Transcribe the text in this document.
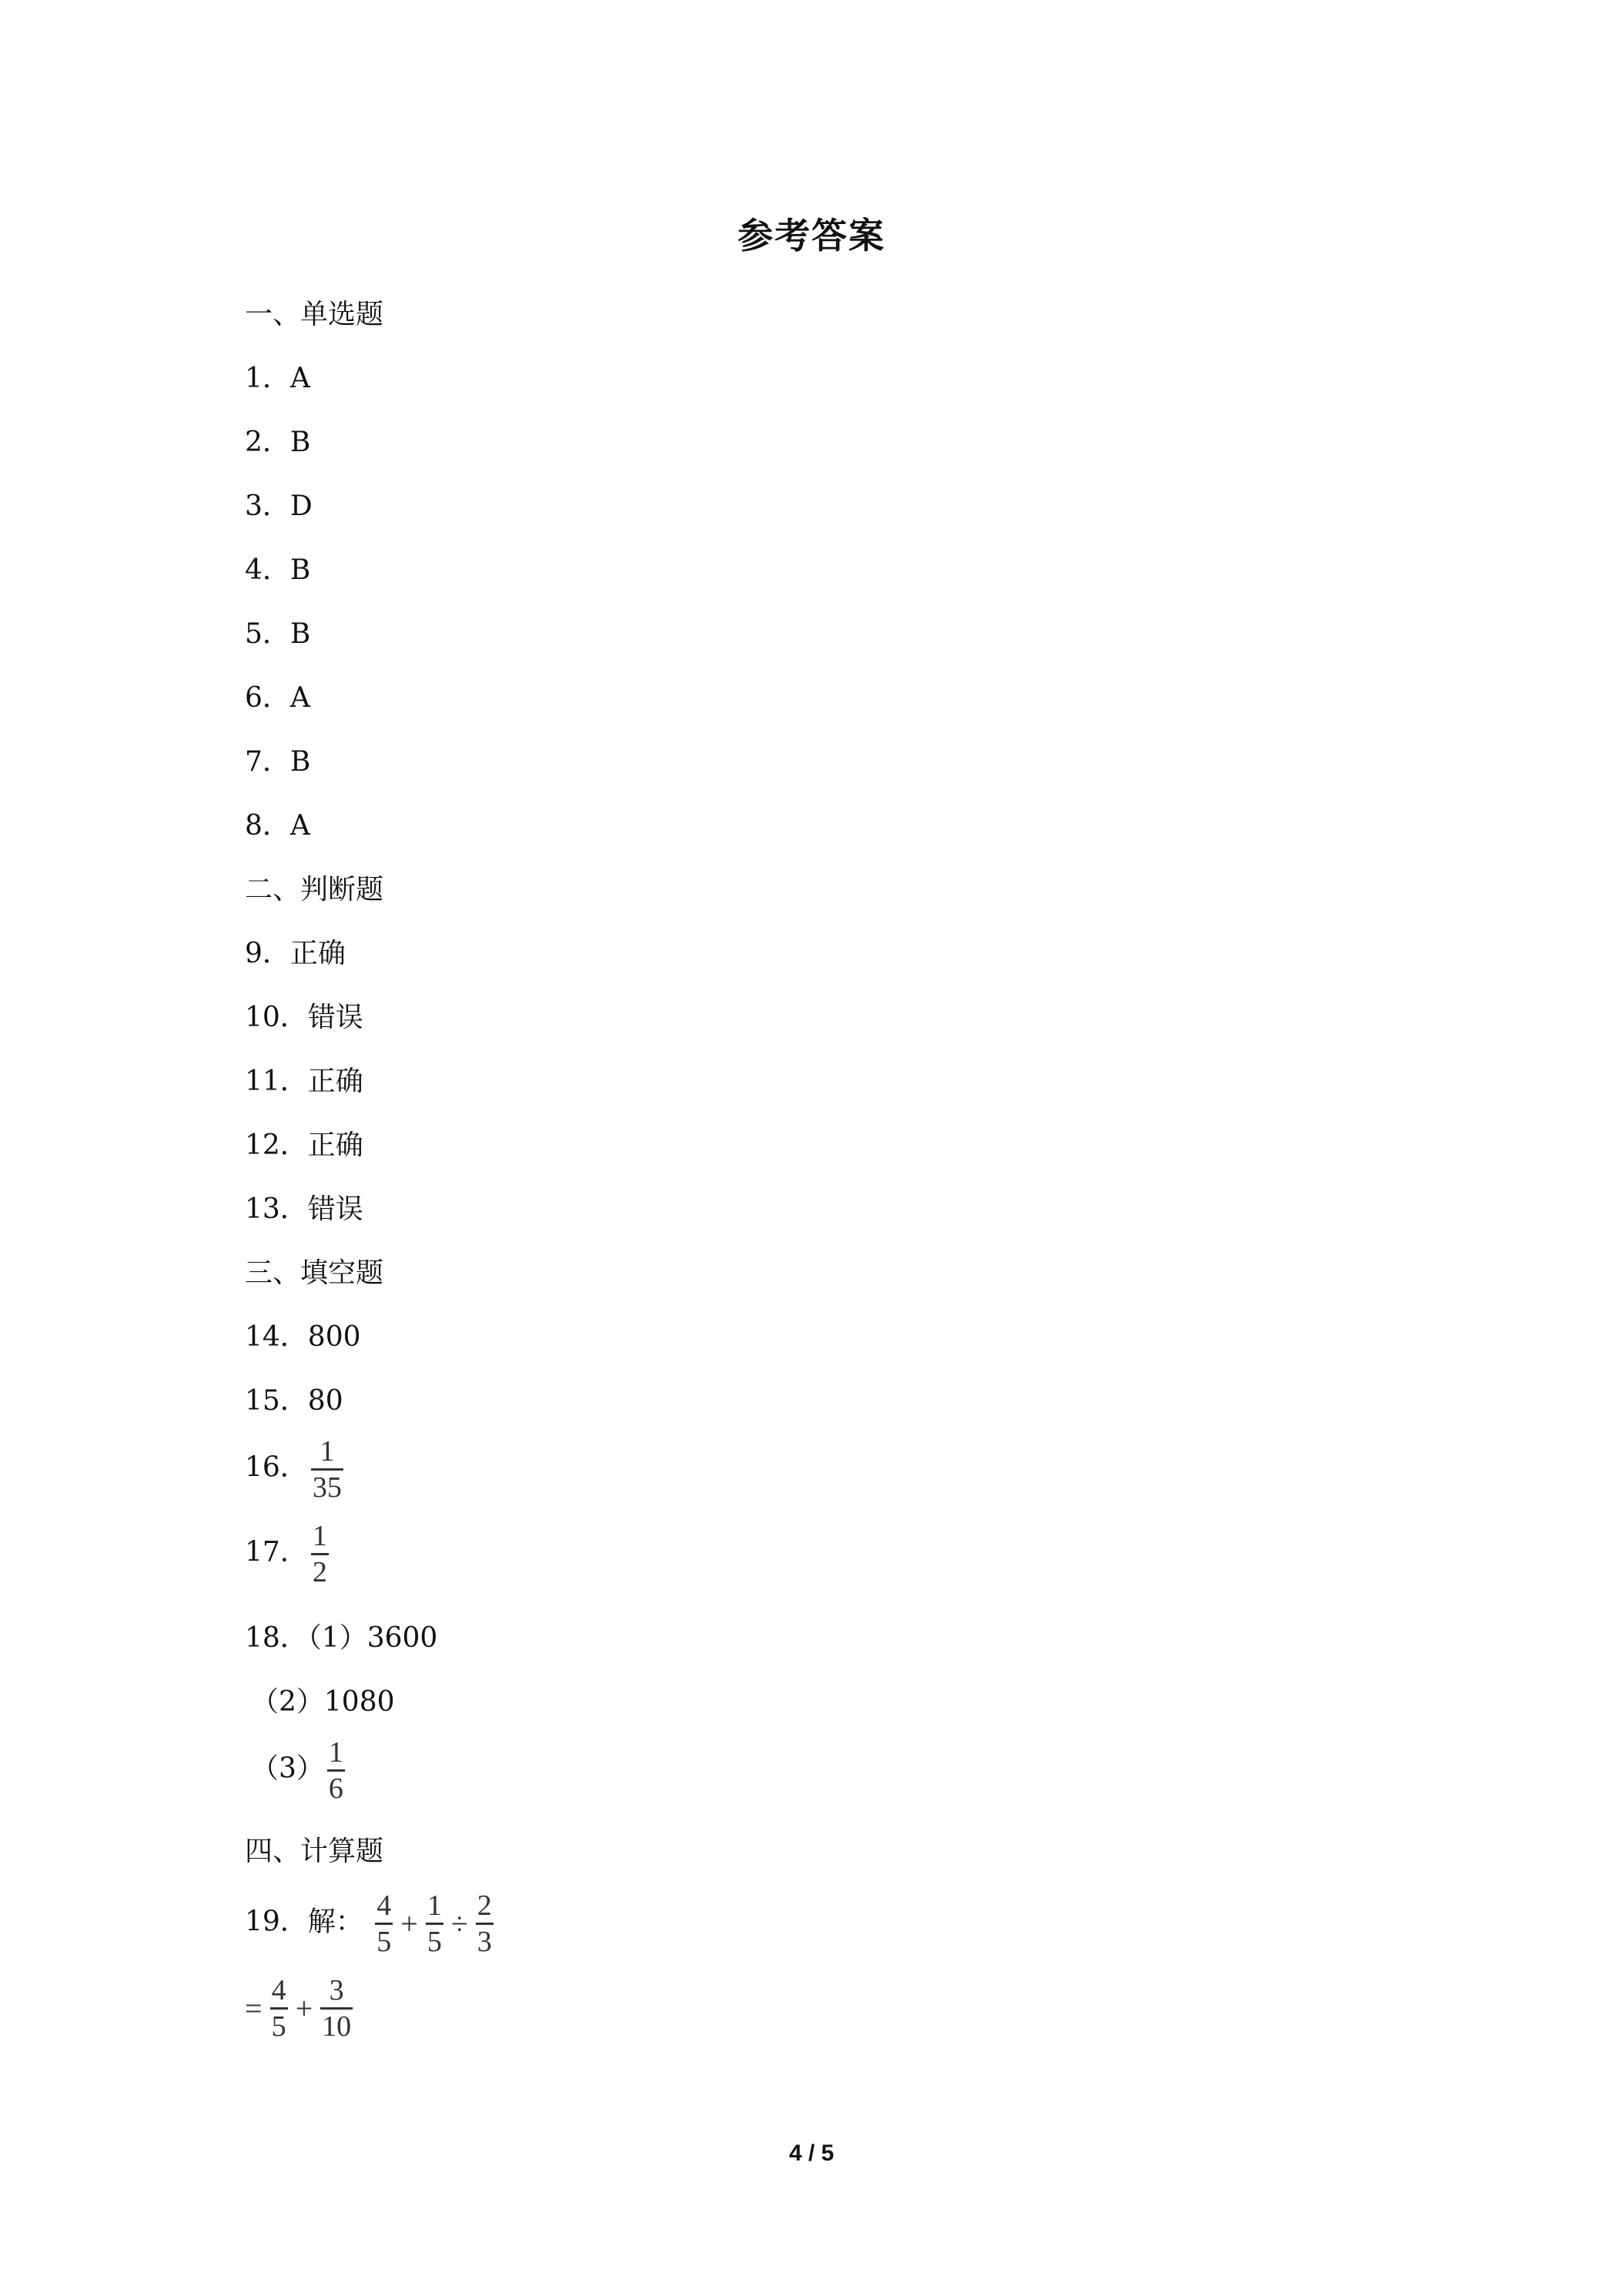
参考答案
一、单选题
1．A
2．B
3．D
4．B
5．B
6．A
7．B
8．A
二、判断题
9．正确
10．错误
11．正确
12．正确
13．错误
三、填空题
14．800
15．80
16． $\frac{1}{35}$
17． $\frac{1}{2}$
18．（1）3600
（2）1080
$(3) \frac{1}{6}$
四、计算题
19．解： $\frac{4}{5} + \frac{1}{5} \div \frac{2}{3}$
= $\frac{4}{5} + \frac{3}{10}$
4 / 5
